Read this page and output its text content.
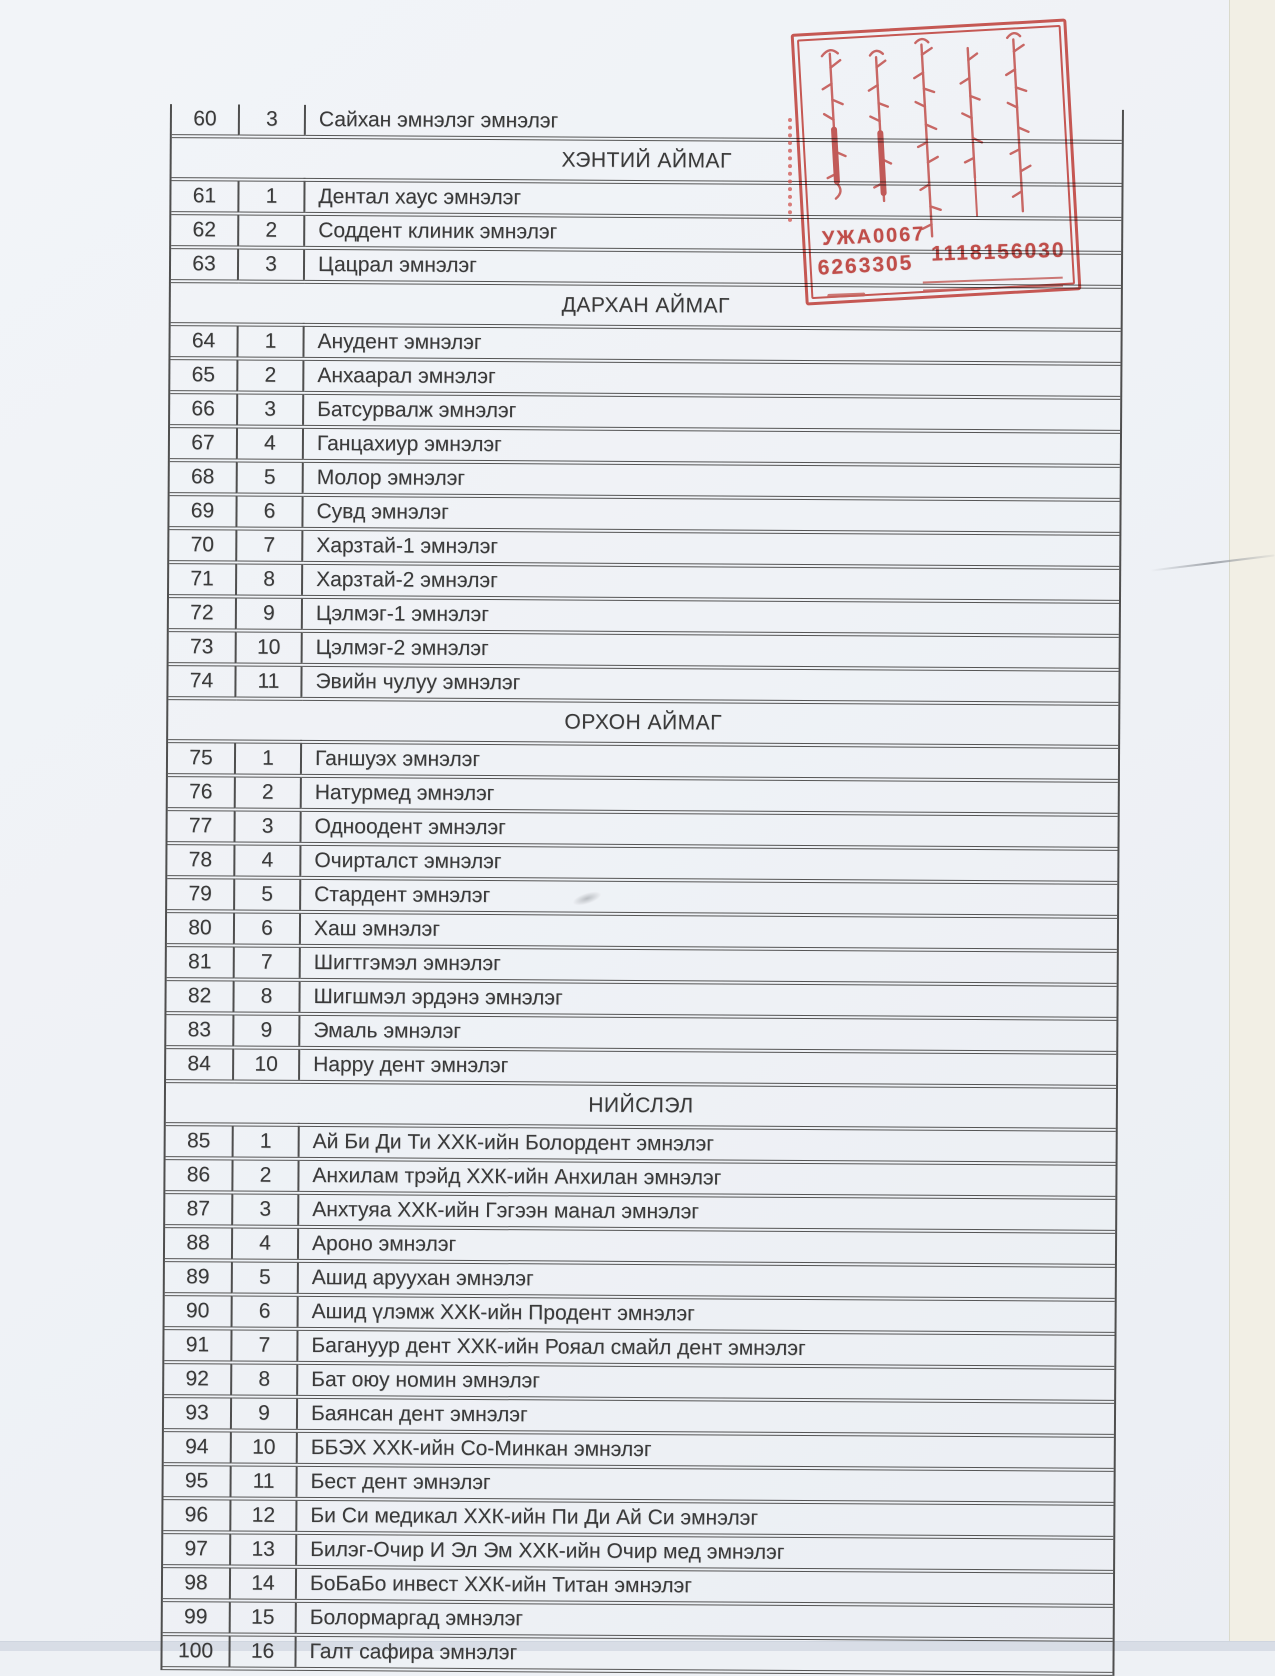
60	3	Сайхан эмнэлэг эмнэлэг
ХЭНТИЙ АЙМАГ		
61	1	Дентал хаус эмнэлэг
62	2	Соддент клиник эмнэлэг
63	3	Цацрал эмнэлэг
ДАРХАН АЙМАГ		
64	1	Анудент эмнэлэг
65	2	Анхаарал эмнэлэг
66	3	Батсурвалж эмнэлэг
67	4	Ганцахиур эмнэлэг
68	5	Молор эмнэлэг
69	6	Сувд эмнэлэг
70	7	Харзтай-1 эмнэлэг
71	8	Харзтай-2 эмнэлэг
72	9	Цэлмэг-1 эмнэлэг
73	10	Цэлмэг-2 эмнэлэг
74	11	Эвийн чулуу эмнэлэг
ОРХОН АЙМАГ		
75	1	Ганшуэх эмнэлэг
76	2	Натурмед эмнэлэг
77	3	Одноодент эмнэлэг
78	4	Очирталст эмнэлэг
79	5	Стардент эмнэлэг
80	6	Хаш эмнэлэг
81	7	Шигтгэмэл эмнэлэг
82	8	Шигшмэл эрдэнэ эмнэлэг
83	9	Эмаль эмнэлэг
84	10	Happy дент эмнэлэг
НИЙСЛЭЛ		
85	1	Ай Би Ди Ти ХХК-ийн Болордент эмнэлэг
86	2	Анхилам трэйд ХХК-ийн Анхилан эмнэлэг
87	3	Анхтуяа ХХК-ийн Гэгээн манал эмнэлэг
88	4	Ароно эмнэлэг
89	5	Ашид аруухан эмнэлэг
90	6	Ашид үлэмж ХХК-ийн Продент эмнэлэг
91	7	Багануур дент ХХК-ийн Рояал смайл дент эмнэлэг
92	8	Бат оюу номин эмнэлэг
93	9	Баянсан дент эмнэлэг
94	10	ББЭХ ХХК-ийн Со-Минкан эмнэлэг
95	11	Бест дент эмнэлэг
96	12	Би Си медикал ХХК-ийн Пи Ди Ай Си эмнэлэг
97	13	Билэг-Очир И Эл Эм ХХК-ийн Очир мед эмнэлэг
98	14	БоБаБо инвест ХХК-ийн Титан эмнэлэг
99	15	Болормаргад эмнэлэг
100	16	Галт сафира эмнэлэг
УЖА0067
6263305 1118156030
